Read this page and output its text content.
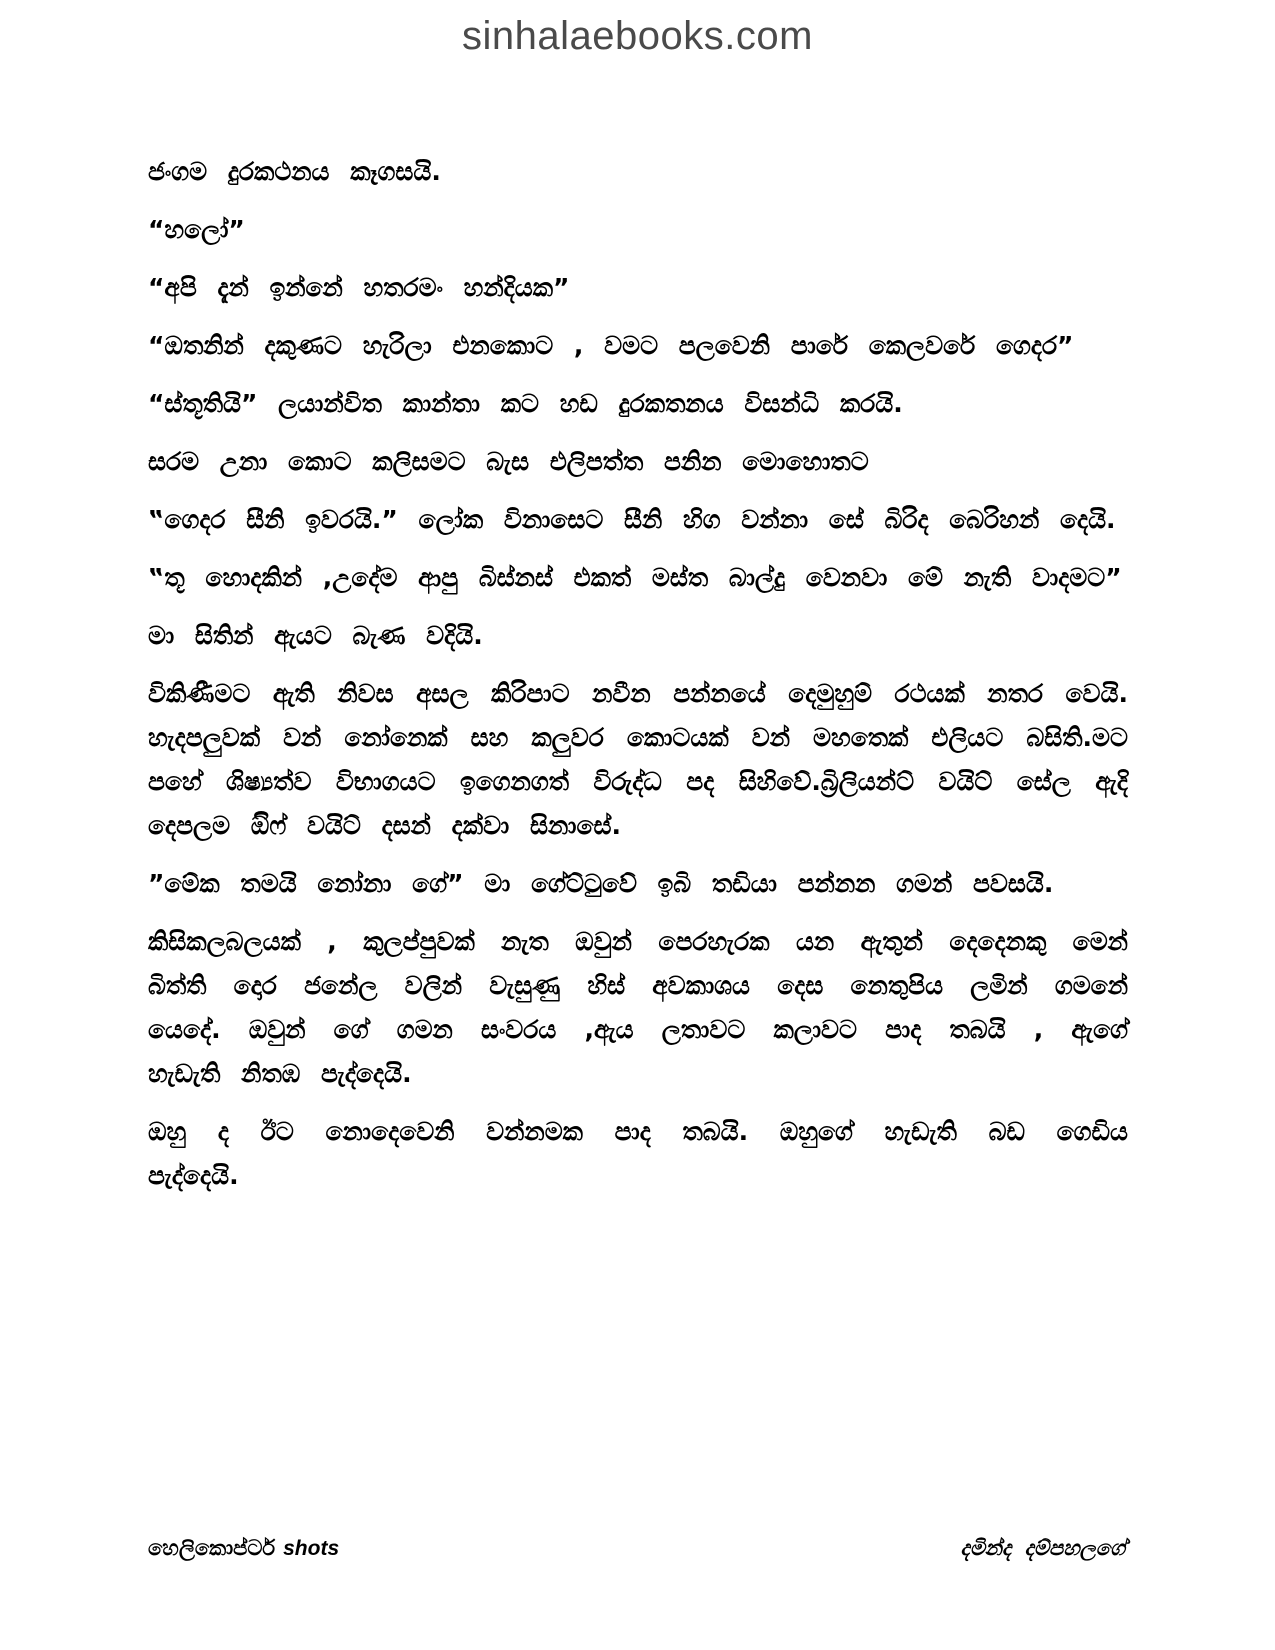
sinhalaebooks.com

ජංගම දුරකථනය කෑගසයි.

“හලෝ”

“අපි දැන් ඉන්නේ හතරමං හන්දියක”

“ඔතනින් දකුණට හැරිලා එනකොට , වමට පලවෙනි පාරේ කෙලවරේ ගෙදර”

“ස්තූතියි” ලයාන්විත කාන්තා කට හඩ දුරකතනය විසන්ධි කරයි.

සරම උනා කොට කලිසමට බැස එලිපත්ත පනින මොහොතට

‟ගෙදර සීනි ඉවරයි.” ලෝක විනාසෙට සීනි හිග වන්නා සේ බිරිද බෙරිහන් දෙයි.

‟තූ හොදකින් ,උදේම ආපු බිස්නස් එකත් මස්ත බාල්දු වෙනවා මේ නැති වාදමට”

මා සිතින් ඇයට බැණ වදියි.

විකිණීමට ඇති නිවස අසල කිරිපාට නවීන පන්නයේ දෙමුහුම් රථයක් නතර වෙයි. හැදපලුවක් වන් නෝනෙක් සහ කලුවර කොටයක් වන් මහතෙක් එලියට බසිති.මට පහේ ශිෂ්‍යත්ව විභාගයට ඉගෙනගත් විරුද්ධ පද සිහිවේ.බ්‍රිලියන්ට් වයිට් සේල ඇදි දෙපලම ඔිෆ් වයිට් දසන් දක්වා සිනාසේ.

”මේක තමයි නෝනා ගේ” මා ගේට්ටුවේ ඉබි තඩියා පන්නන ගමන් පවසයි.

කිසිකලබලයක් , කුලප්පුවක් නැත ඔවුන් පෙරහැරක යන ඇතුන් දෙදෙනකු මෙන් බිත්ති දොර ජනේල වලින් වැසුණු හිස් අවකාශය දෙස නෙතුපිය ලමින් ගමනේ යෙදේ. ඔවුන් ගේ ගමන සංවරය ,ඇය ලතාවට කලාවට පාද තබයි , ඇගේ හැඩැති නිතඹ පැද්දෙයි.

ඔහු ද ඊට නොදෙවෙනි වන්නමක පාද තබයි. ඔහුගේ හැඩැති බඩ ගෙඩිය පැද්දෙයි.

හෙලිකොප්ටර් shots	දමින්ද දම්පහලගේ
